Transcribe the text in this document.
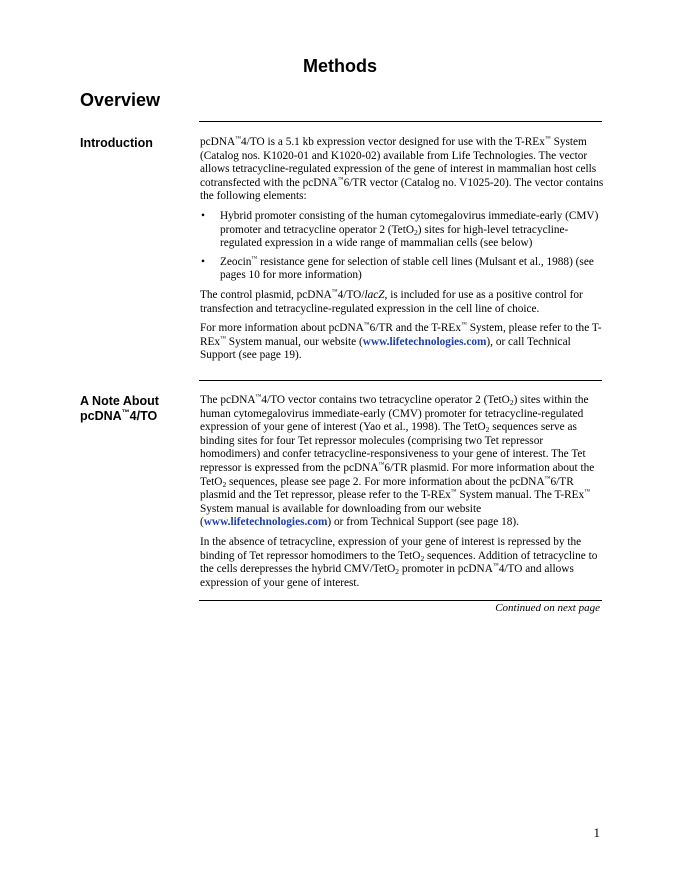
Methods
Overview
Introduction	pcDNA™4/TO is a 5.1 kb expression vector designed for use with the T-REx™ System (Catalog nos. K1020-01 and K1020-02) available from Life Technologies. The vector allows tetracycline-regulated expression of the gene of interest in mammalian host cells cotransfected with the pcDNA™6/TR vector (Catalog no. V1025-20). The vector contains the following elements:

• Hybrid promoter consisting of the human cytomegalovirus immediate-early (CMV) promoter and tetracycline operator 2 (TetO$_2$) sites for high-level tetracycline-regulated expression in a wide range of mammalian cells (see below)
• Zeocin™ resistance gene for selection of stable cell lines (Mulsant et al., 1988) (see pages 10 for more information)

The control plasmid, pcDNA™4/TO/lacZ, is included for use as a positive control for transfection and tetracycline-regulated expression in the cell line of choice.

For more information about pcDNA™6/TR and the T-REx™ System, please refer to the T-REx™ System manual, our website (www.lifetechnologies.com), or call Technical Support (see page 19).

A Note About
pcDNA™4/TO

The pcDNA™4/TO vector contains two tetracycline operator 2 (TetO$_2$) sites within the human cytomegalovirus immediate-early (CMV) promoter for tetracycline-regulated expression of your gene of interest (Yao et al., 1998). The TetO$_2$ sequences serve as binding sites for four Tet repressor molecules (comprising two Tet repressor homodimers) and confer tetracycline-responsiveness to your gene of interest. The Tet repressor is expressed from the pcDNA™6/TR plasmid. For more information about the TetO$_2$ sequences, please see page 2. For more information about the pcDNA™6/TR plasmid and the Tet repressor, please refer to the T-REx™ System manual. The T-REx™ System manual is available for downloading from our website (www.lifetechnologies.com) or from Technical Support (see page 18).

In the absence of tetracycline, expression of your gene of interest is repressed by the binding of Tet repressor homodimers to the TetO$_2$ sequences. Addition of tetracycline to the cells derepresses the hybrid CMV/TetO$_2$ promoter in pcDNA™4/TO and allows expression of your gene of interest.

Continued on next page
1
